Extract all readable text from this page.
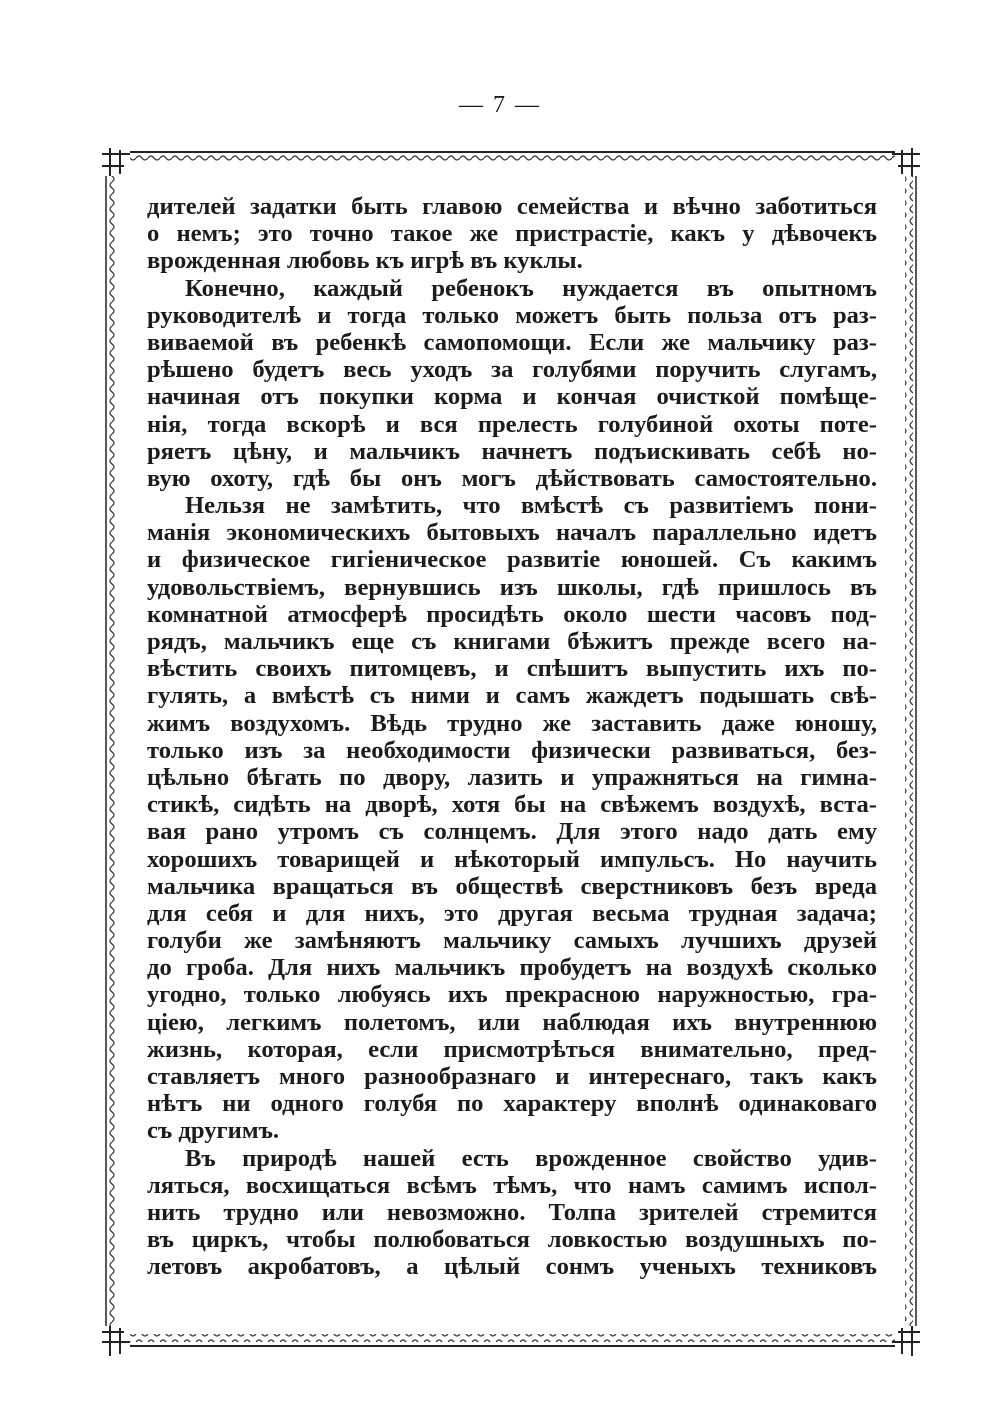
— 7 —
дителей задатки быть главою семейства и вѣчно заботиться
о немъ; это точно такое же пристрастіе, какъ у дѣвочекъ
врожденная любовь къ игрѣ въ куклы.
Конечно, каждый ребенокъ нуждается въ опытномъ
руководителѣ и тогда только можетъ быть польза отъ раз-
виваемой въ ребенкѣ самопомощи. Если же мальчику раз-
рѣшено будетъ весь уходъ за голубями поручить слугамъ,
начиная отъ покупки корма и кончая очисткой помѣще-
нія, тогда вскорѣ и вся прелесть голубиной охоты поте-
ряетъ цѣну, и мальчикъ начнетъ подъискивать себѣ но-
вую охоту, гдѣ бы онъ могъ дѣйствовать самостоятельно.
Нельзя не замѣтить, что вмѣстѣ съ развитіемъ пони-
манія экономическихъ бытовыхъ началъ параллельно идетъ
и физическое гигіеническое развитіе юношей. Съ какимъ
удовольствіемъ, вернувшись изъ школы, гдѣ пришлось въ
комнатной атмосферѣ просидѣть около шести часовъ под-
рядъ, мальчикъ еще съ книгами бѣжитъ прежде всего на-
вѣстить своихъ питомцевъ, и спѣшитъ выпустить ихъ по-
гулять, а вмѣстѣ съ ними и самъ жаждетъ подышать свѣ-
жимъ воздухомъ. Вѣдь трудно же заставить даже юношу,
только изъ за необходимости физически развиваться, без-
цѣльно бѣгать по двору, лазить и упражняться на гимна-
стикѣ, сидѣть на дворѣ, хотя бы на свѣжемъ воздухѣ, вста-
вая рано утромъ съ солнцемъ. Для этого надо дать ему
хорошихъ товарищей и нѣкоторый импульсъ. Но научить
мальчика вращаться въ обществѣ сверстниковъ безъ вреда
для себя и для нихъ, это другая весьма трудная задача;
голуби же замѣняютъ мальчику самыхъ лучшихъ друзей
до гроба. Для нихъ мальчикъ пробудетъ на воздухѣ сколько
угодно, только любуясь ихъ прекрасною наружностью, гра-
ціею, легкимъ полетомъ, или наблюдая ихъ внутреннюю
жизнь, которая, если присмотрѣться внимательно, пред-
ставляетъ много разнообразнаго и интереснаго, такъ какъ
нѣтъ ни одного голубя по характеру вполнѣ одинаковаго
съ другимъ.
Въ природѣ нашей есть врожденное свойство удив-
ляться, восхищаться всѣмъ тѣмъ, что намъ самимъ испол-
нить трудно или невозможно. Толпа зрителей стремится
въ циркъ, чтобы полюбоваться ловкостью воздушныхъ по-
летовъ акробатовъ, а цѣлый сонмъ ученыхъ техниковъ
